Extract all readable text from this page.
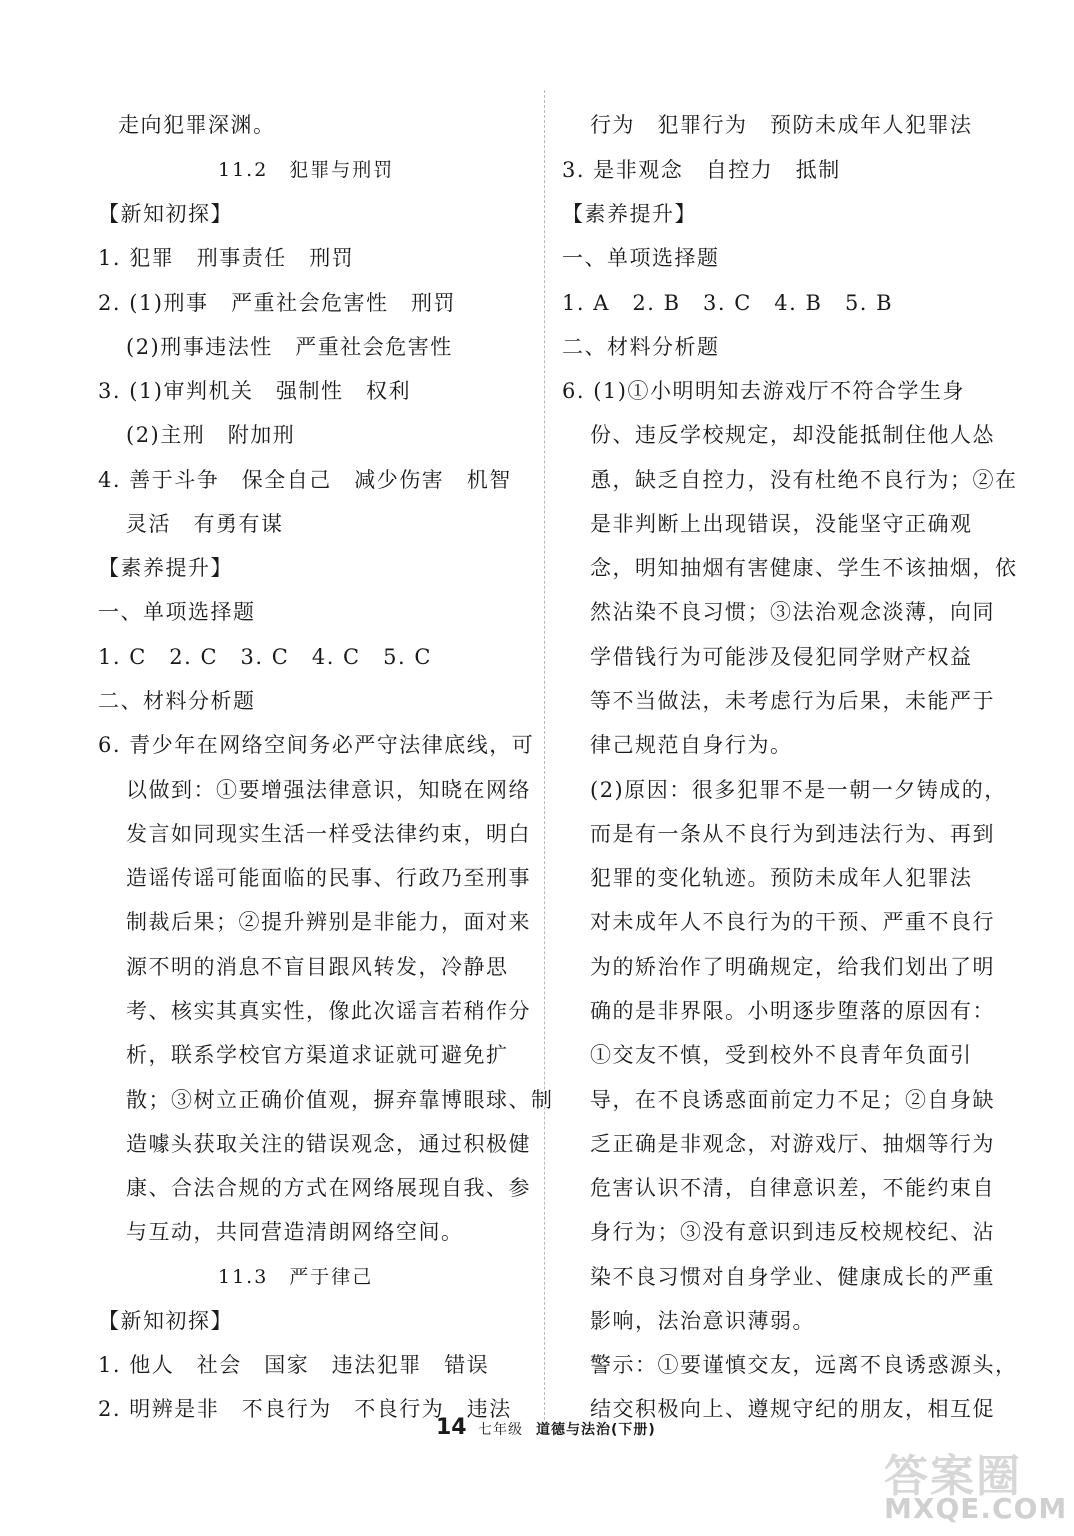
走向犯罪深渊。
11.2　犯罪与刑罚
【新知初探】
1. 犯罪　刑事责任　刑罚
2. (1)刑事　严重社会危害性　刑罚
(2)刑事违法性　严重社会危害性
3. (1)审判机关　强制性　权利
(2)主刑　附加刑
4. 善于斗争　保全自己　减少伤害　机智
灵活　有勇有谋
【素养提升】
一、单项选择题
1. C　2. C　3. C　4. C　5. C
二、材料分析题
6. 青少年在网络空间务必严守法律底线，可
以做到：①要增强法律意识，知晓在网络
发言如同现实生活一样受法律约束，明白
造谣传谣可能面临的民事、行政乃至刑事
制裁后果；②提升辨别是非能力，面对来
源不明的消息不盲目跟风转发，冷静思
考、核实其真实性，像此次谣言若稍作分
析，联系学校官方渠道求证就可避免扩
散；③树立正确价值观，摒弃靠博眼球、制
造噱头获取关注的错误观念，通过积极健
康、合法合规的方式在网络展现自我、参
与互动，共同营造清朗网络空间。
11.3　严于律己
【新知初探】
1. 他人　社会　国家　违法犯罪　错误
2. 明辨是非　不良行为　不良行为　违法
行为　犯罪行为　预防未成年人犯罪法
3. 是非观念　自控力　抵制
【素养提升】
一、单项选择题
1. A　2. B　3. C　4. B　5. B
二、材料分析题
6. (1)①小明明知去游戏厅不符合学生身
份、违反学校规定，却没能抵制住他人怂
恿，缺乏自控力，没有杜绝不良行为；②在
是非判断上出现错误，没能坚守正确观
念，明知抽烟有害健康、学生不该抽烟，依
然沾染不良习惯；③法治观念淡薄，向同
学借钱行为可能涉及侵犯同学财产权益
等不当做法，未考虑行为后果，未能严于
律己规范自身行为。
(2)原因：很多犯罪不是一朝一夕铸成的，
而是有一条从不良行为到违法行为、再到
犯罪的变化轨迹。预防未成年人犯罪法
对未成年人不良行为的干预、严重不良行
为的矫治作了明确规定，给我们划出了明
确的是非界限。小明逐步堕落的原因有：
①交友不慎，受到校外不良青年负面引
导，在不良诱惑面前定力不足；②自身缺
乏正确是非观念，对游戏厅、抽烟等行为
危害认识不清，自律意识差，不能约束自
身行为；③没有意识到违反校规校纪、沾
染不良习惯对自身学业、健康成长的严重
影响，法治意识薄弱。
警示：①要谨慎交友，远离不良诱惑源头，
结交积极向上、遵规守纪的朋友，相互促
14 七年级 道德与法治(下册)
答案圈
MXQE.COM
